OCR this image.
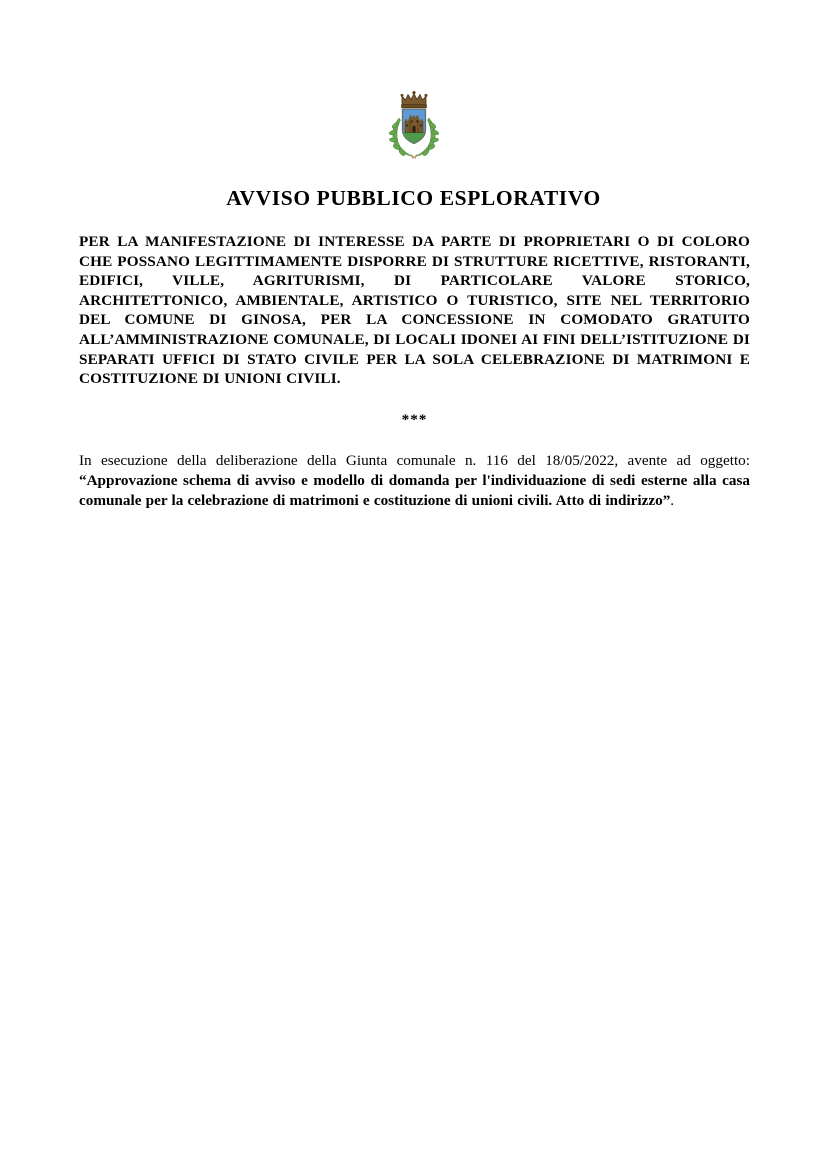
AVVISO PUBBLICO ESPLORATIVO

PER LA MANIFESTAZIONE DI INTERESSE DA PARTE DI PROPRIETARI O DI COLORO CHE POSSANO LEGITTIMAMENTE DISPORRE DI STRUTTURE RICETTIVE, RISTORANTI, EDIFICI, VILLE, AGRITURISMI, DI PARTICOLARE VALORE STORICO, ARCHITETTONICO, AMBIENTALE, ARTISTICO O TURISTICO, SITE NEL TERRITORIO DEL COMUNE DI GINOSA, PER LA CONCESSIONE IN COMODATO GRATUITO ALL’AMMINISTRAZIONE COMUNALE, DI LOCALI IDONEI AI FINI DELL’ISTITUZIONE DI SEPARATI UFFICI DI STATO CIVILE PER LA SOLA CELEBRAZIONE DI MATRIMONI E COSTITUZIONE DI UNIONI CIVILI.

***

In esecuzione della deliberazione della Giunta comunale n. 116 del 18/05/2022, avente ad oggetto: “Approvazione schema di avviso e modello di domanda per l'individuazione di sedi esterne alla casa comunale per la celebrazione di matrimoni e costituzione di unioni civili. Atto di indirizzo”.
